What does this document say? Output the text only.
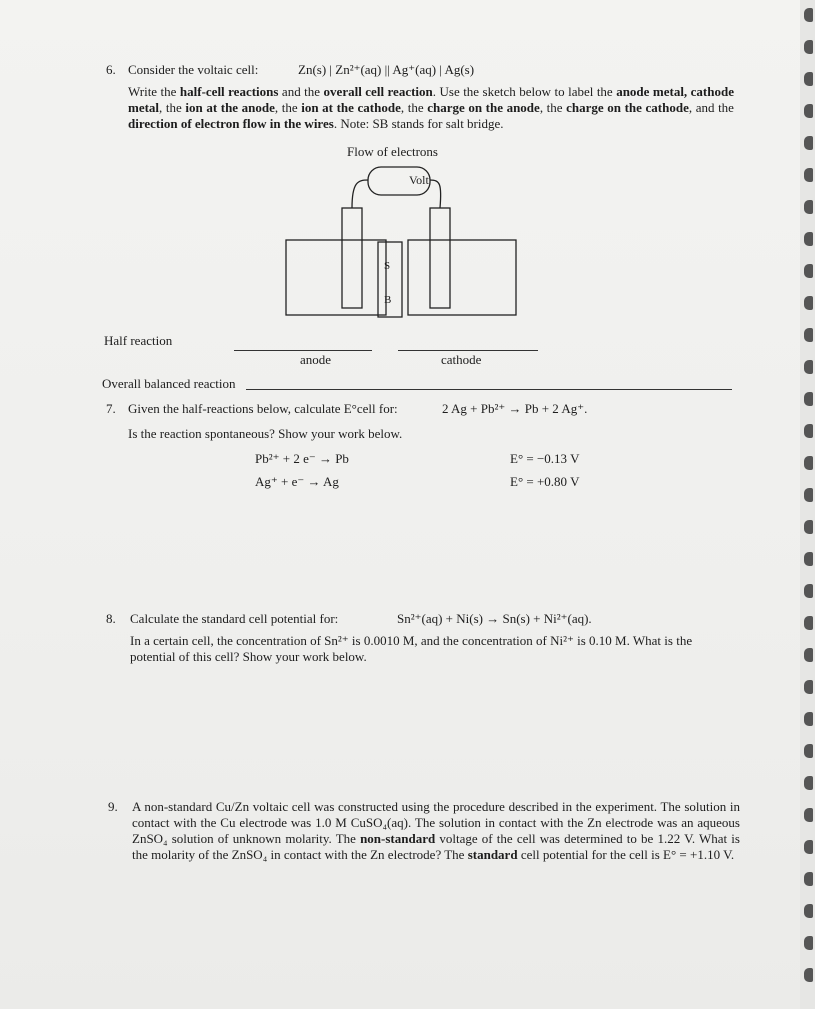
6. Consider the voltaic cell:	Zn(s) | Zn²⁺(aq) || Ag⁺(aq) | Ag(s)
Write the half-cell reactions and the overall cell reaction. Use the sketch below to label the anode metal, cathode metal, the ion at the anode, the ion at the cathode, the charge on the anode, the charge on the cathode, and the direction of electron flow in the wires. Note: SB stands for salt bridge.
Flow of electrons
Volt
S
B
Half reaction
anode	cathode
Overall balanced reaction
7. Given the half-reactions below, calculate E°cell for:	2 Ag + Pb²⁺ → Pb + 2 Ag⁺.
Is the reaction spontaneous? Show your work below.
Pb²⁺ + 2 e⁻ → Pb	E° = −0.13 V
Ag⁺ + e⁻ → Ag	E° = +0.80 V
8. Calculate the standard cell potential for:	Sn²⁺(aq) + Ni(s) → Sn(s) + Ni²⁺(aq).
In a certain cell, the concentration of Sn²⁺ is 0.0010 M, and the concentration of Ni²⁺ is 0.10 M. What is the potential of this cell? Show your work below.
9. A non-standard Cu/Zn voltaic cell was constructed using the procedure described in the experiment. The solution in contact with the Cu electrode was 1.0 M CuSO₄(aq). The solution in contact with the Zn electrode was an aqueous ZnSO₄ solution of unknown molarity. The non-standard voltage of the cell was determined to be 1.22 V. What is the molarity of the ZnSO₄ in contact with the Zn electrode? The standard cell potential for the cell is E° = +1.10 V.
